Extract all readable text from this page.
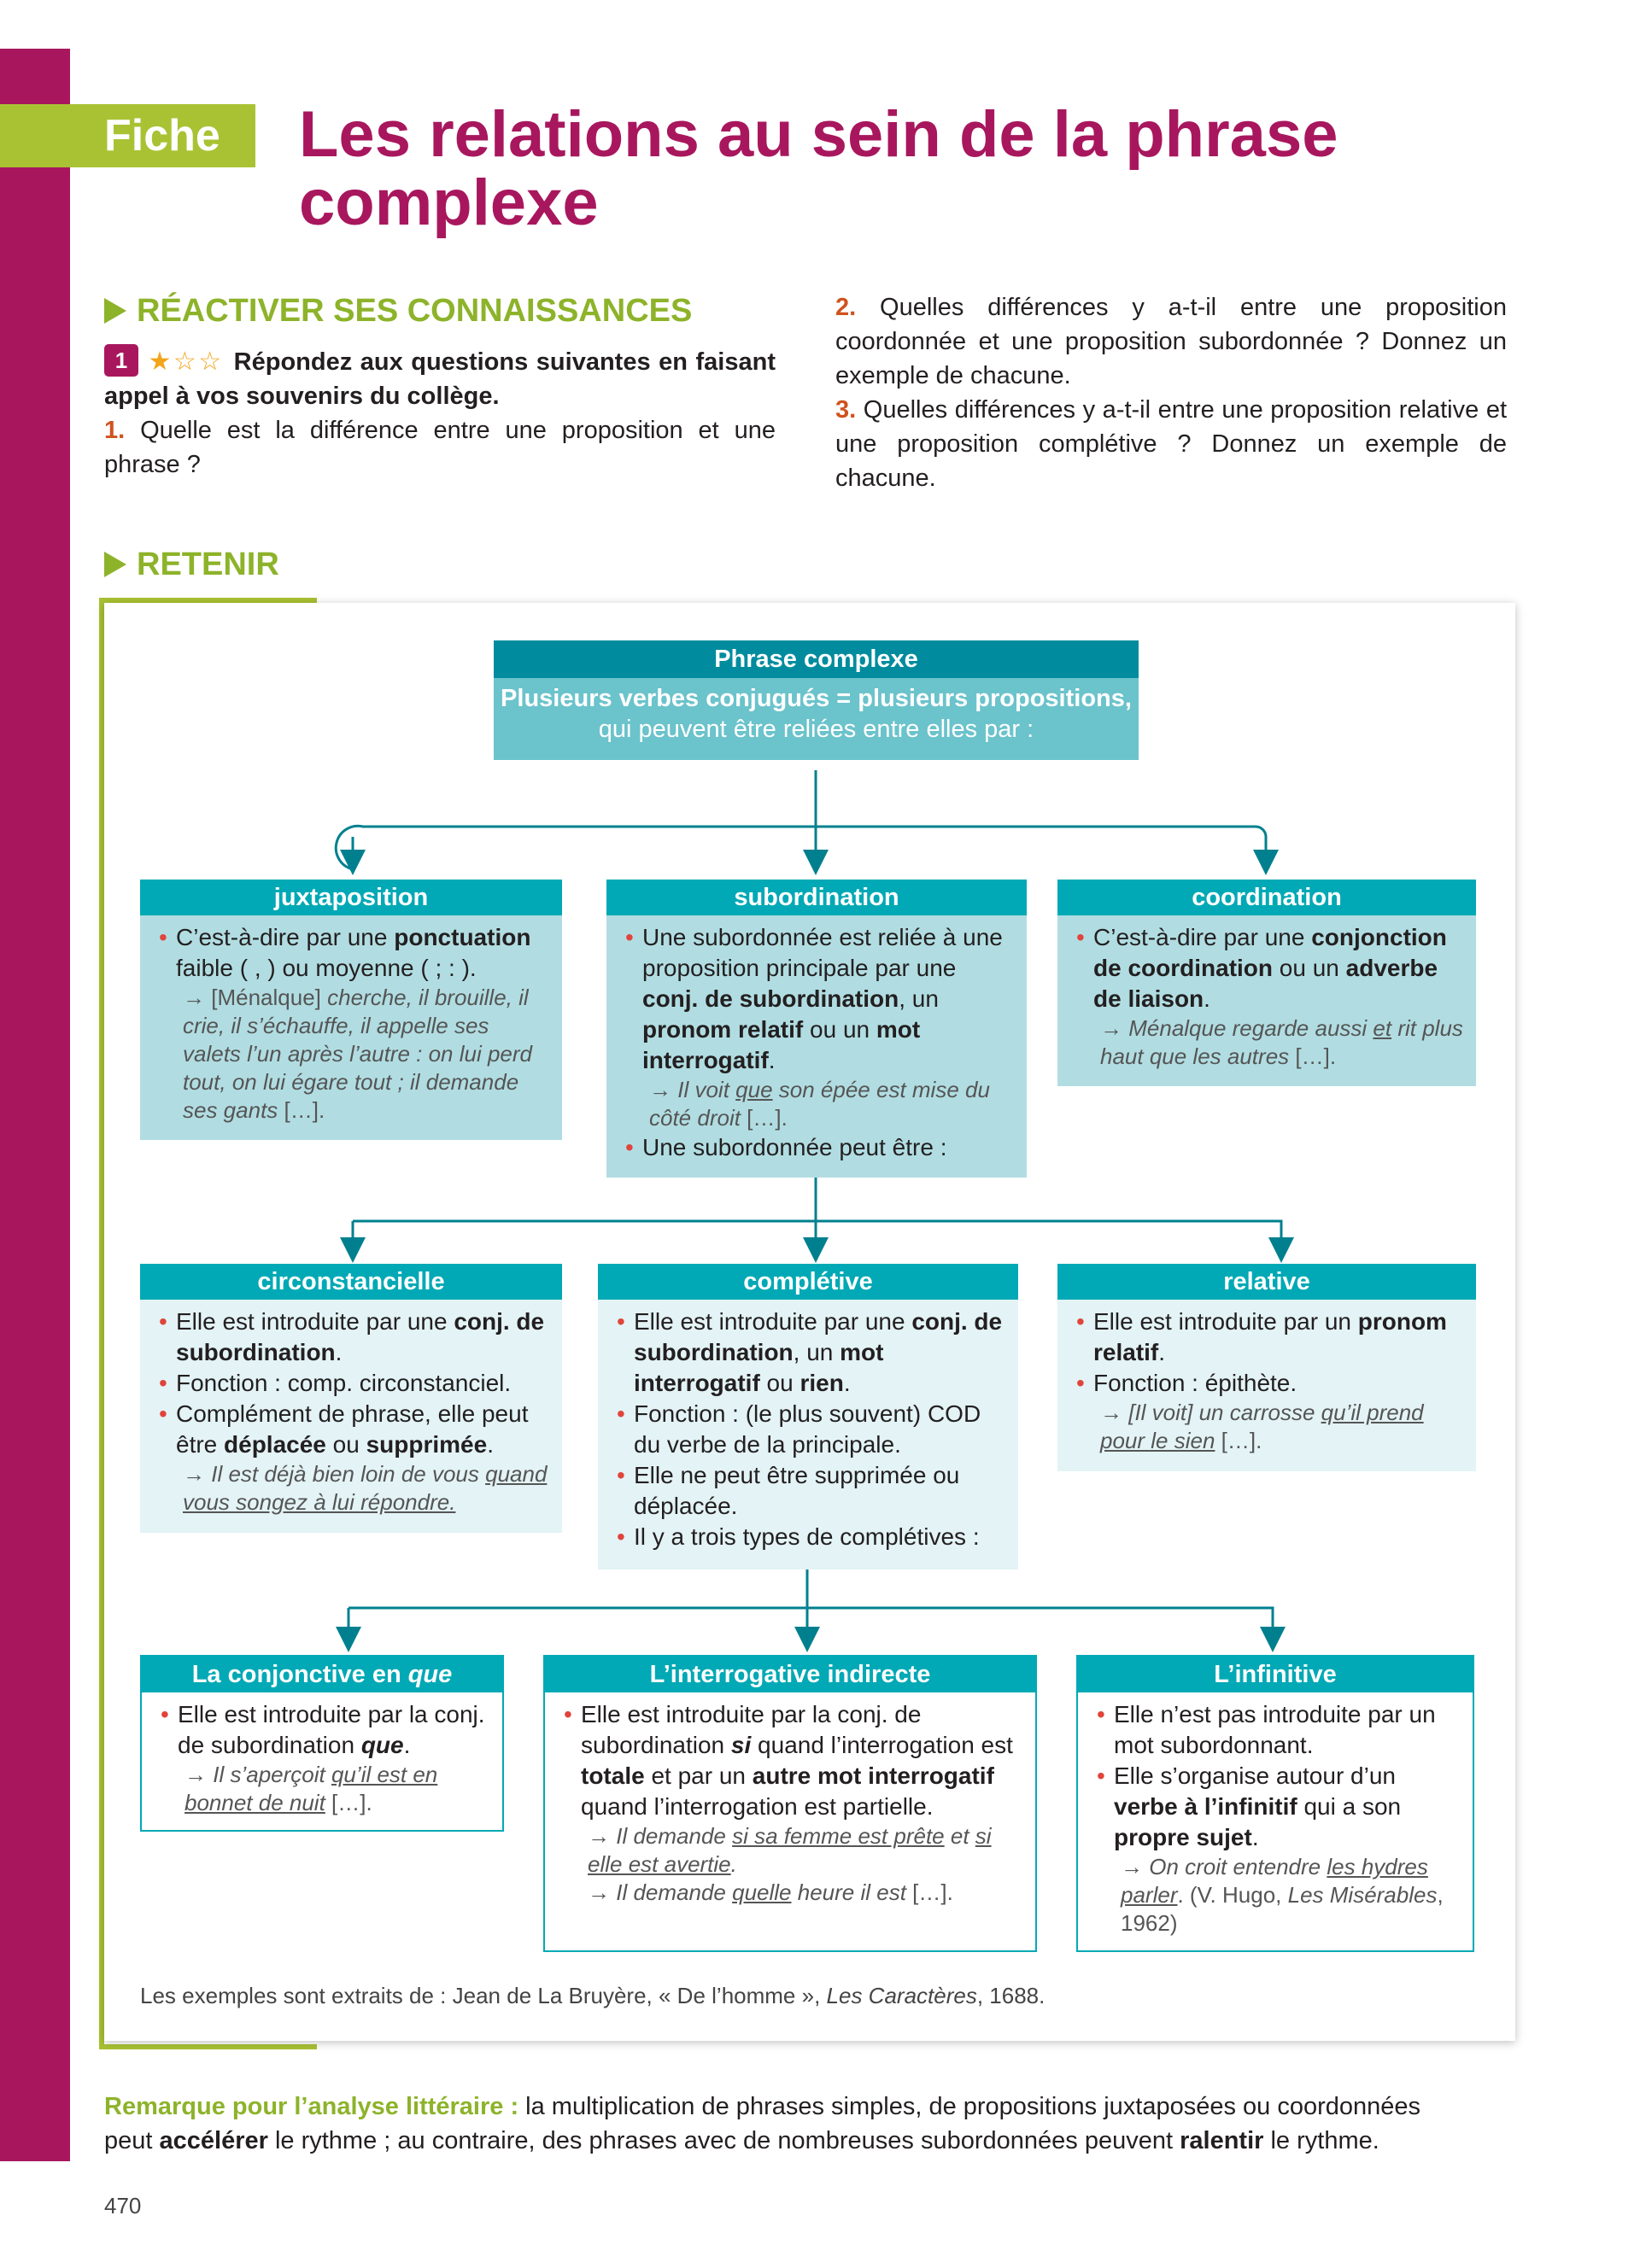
Fiche 9
Les relations au sein de la phrase complexe
RÉACTIVER SES CONNAISSANCES
1 ★☆☆ Répondez aux questions suivantes en faisant appel à vos souvenirs du collège.
1. Quelle est la différence entre une proposition et une phrase ?
2. Quelles différences y a-t-il entre une proposition coordonnée et une proposition subordonnée ? Donnez un exemple de chacune.
3. Quelles différences y a-t-il entre une proposition relative et une proposition complétive ? Donnez un exemple de chacune.
RETENIR
Phrase complexe
Plusieurs verbes conjugués = plusieurs propositions,
qui peuvent être reliées entre elles par :
juxtaposition
• C’est-à-dire par une ponctuation faible ( , ) ou moyenne ( ; : ).
→ [Ménalque] cherche, il brouille, il crie, il s’échauffe, il appelle ses valets l’un après l’autre : on lui perd tout, on lui égare tout ; il demande ses gants […].
subordination
• Une subordonnée est reliée à une proposition principale par une conj. de subordination, un pronom relatif ou un mot interrogatif.
→ Il voit que son épée est mise du côté droit […].
• Une subordonnée peut être :
coordination
• C’est-à-dire par une conjonction de coordination ou un adverbe de liaison.
→ Ménalque regarde aussi et rit plus haut que les autres […].
circonstancielle
• Elle est introduite par une conj. de subordination.
• Fonction : comp. circonstanciel.
• Complément de phrase, elle peut être déplacée ou supprimée.
→ Il est déjà bien loin de vous quand vous songez à lui répondre.
complétive
• Elle est introduite par une conj. de subordination, un mot interrogatif ou rien.
• Fonction : (le plus souvent) COD du verbe de la principale.
• Elle ne peut être supprimée ou déplacée.
• Il y a trois types de complétives :
relative
• Elle est introduite par un pronom relatif.
• Fonction : épithète.
→ [Il voit] un carrosse qu’il prend pour le sien […].
La conjonctive en que
• Elle est introduite par la conj. de subordination que.
→ Il s’aperçoit qu’il est en bonnet de nuit […].
L’interrogative indirecte
• Elle est introduite par la conj. de subordination si quand l’interrogation est totale et par un autre mot interrogatif quand l’interrogation est partielle.
→ Il demande si sa femme est prête et si elle est avertie.
→ Il demande quelle heure il est […].
L’infinitive
• Elle n’est pas introduite par un mot subordonnant.
• Elle s’organise autour d’un verbe à l’infinitif qui a son propre sujet.
→ On croit entendre les hydres parler. (V. Hugo, Les Misérables, 1962)
Les exemples sont extraits de : Jean de La Bruyère, « De l’homme », Les Caractères, 1688.
Remarque pour l’analyse littéraire : la multiplication de phrases simples, de propositions juxtaposées ou coordonnées peut accélérer le rythme ; au contraire, des phrases avec de nombreuses subordonnées peuvent ralentir le rythme.
470
